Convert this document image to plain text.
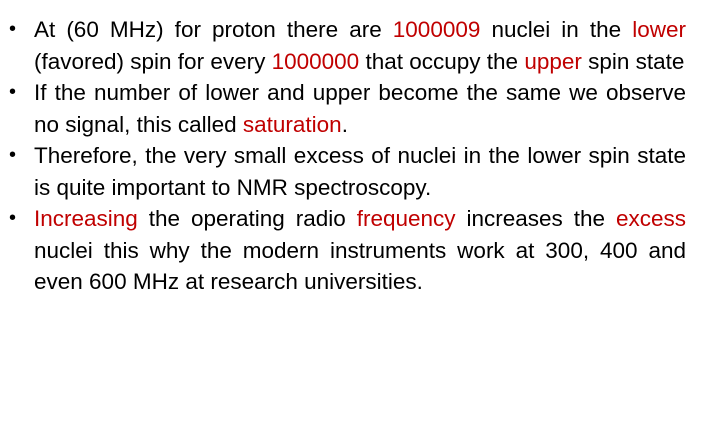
• At (60 MHz) for proton there are 1000009 nuclei in the lower (favored) spin for every 1000000 that occupy the upper spin state
• If the number of lower and upper become the same we observe no signal, this called saturation.
• Therefore, the very small excess of nuclei in the lower spin state is quite important to NMR spectroscopy.
• Increasing the operating radio frequency increases the excess nuclei this why the modern instruments work at 300, 400 and even 600 MHz at research universities.
